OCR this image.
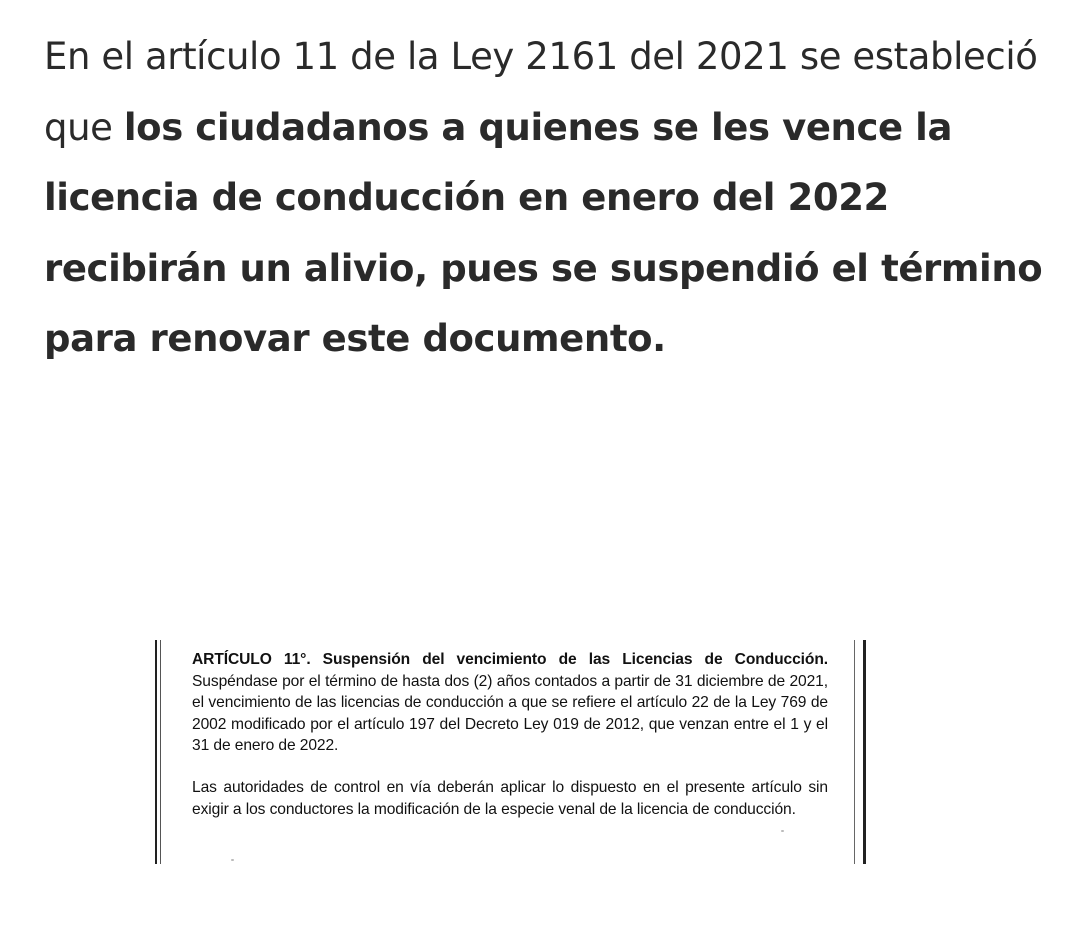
En el artículo 11 de la Ley 2161 del 2021 se estableció que los ciudadanos a quienes se les vence la licencia de conducción en enero del 2022 recibirán un alivio, pues se suspendió el término para renovar este documento.

ARTÍCULO 11°. Suspensión del vencimiento de las Licencias de Conducción. Suspéndase por el término de hasta dos (2) años contados a partir de 31 diciembre de 2021, el vencimiento de las licencias de conducción a que se refiere el artículo 22 de la Ley 769 de 2002 modificado por el artículo 197 del Decreto Ley 019 de 2012, que venzan entre el 1 y el 31 de enero de 2022.

Las autoridades de control en vía deberán aplicar lo dispuesto en el presente artículo sin exigir a los conductores la modificación de la especie venal de la licencia de conducción.
